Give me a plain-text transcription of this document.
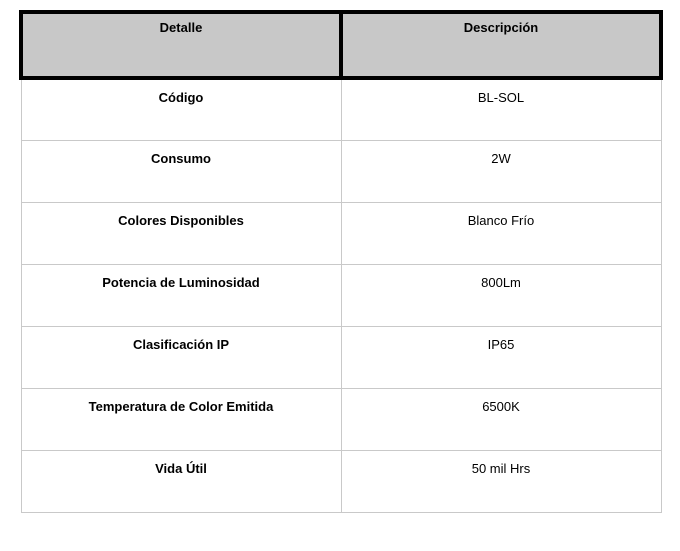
Detalle	Descripción
Código	BL-SOL
Consumo	2W
Colores Disponibles	Blanco Frío
Potencia de Luminosidad	800Lm
Clasificación IP	IP65
Temperatura de Color Emitida	6500K
Vida Útil	50 mil Hrs
